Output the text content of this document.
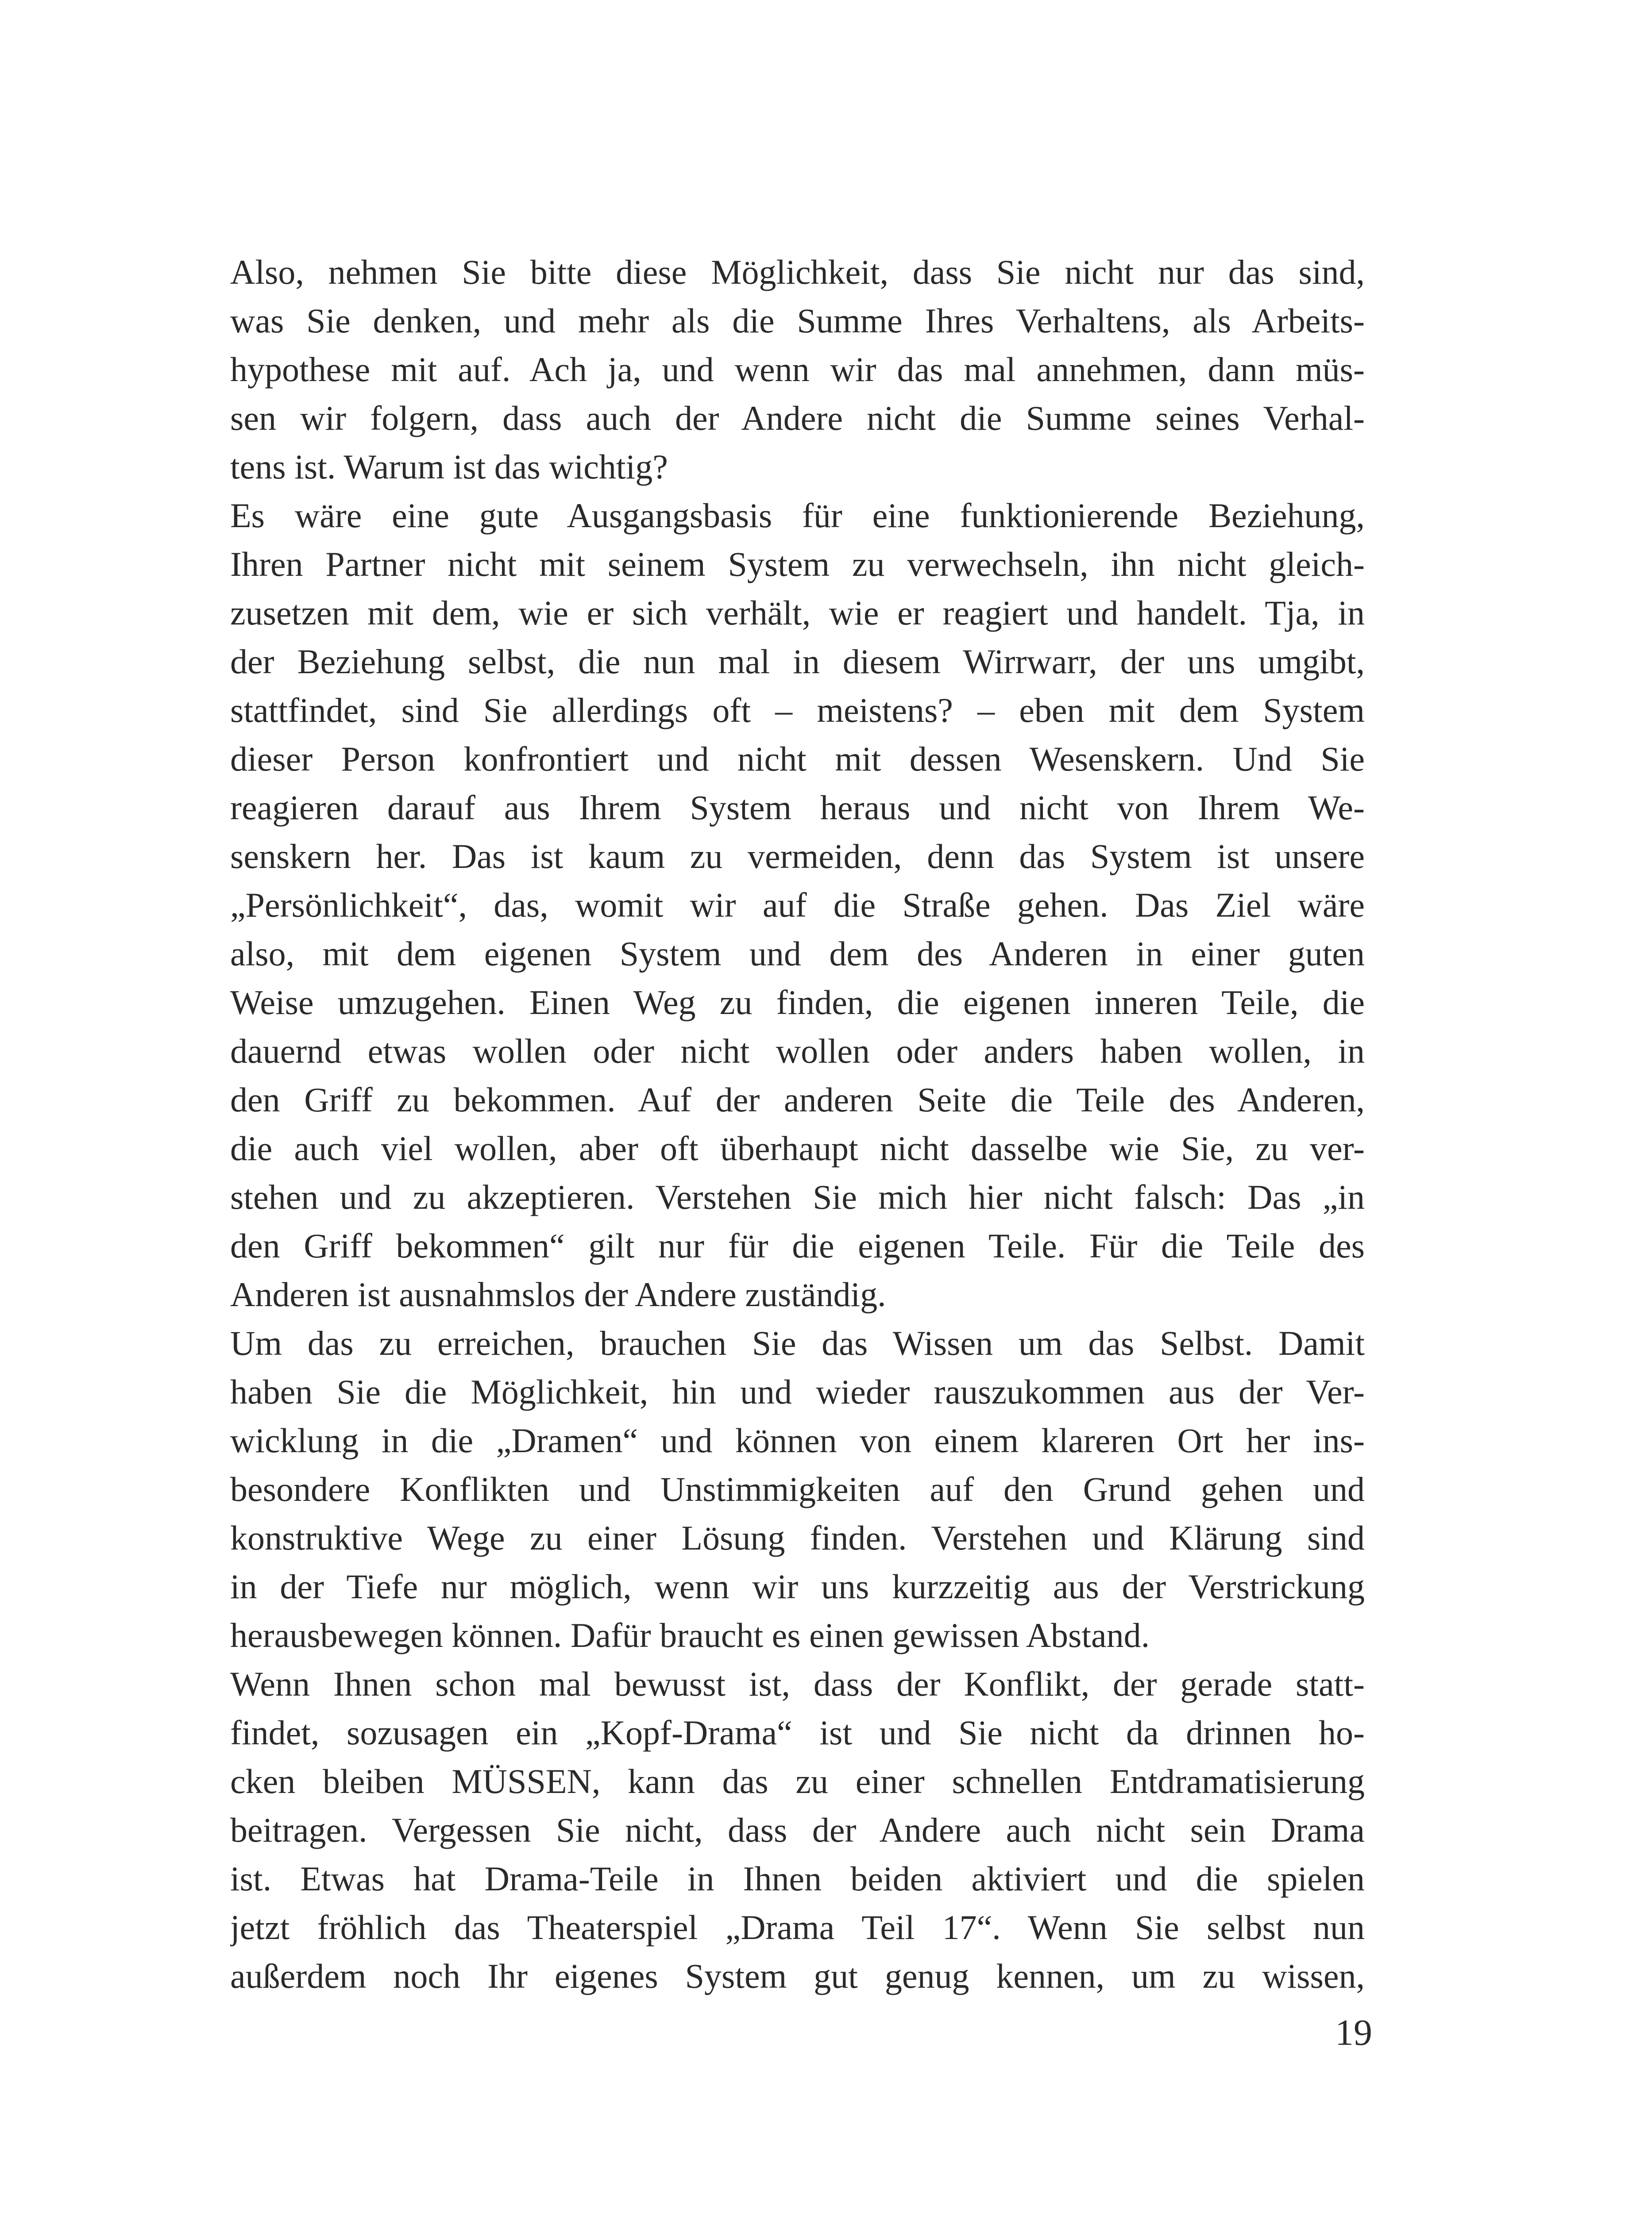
Also, nehmen Sie bitte diese Möglichkeit, dass Sie nicht nur das sind,
was Sie denken, und mehr als die Summe Ihres Verhaltens, als Arbeits-
hypothese mit auf. Ach ja, und wenn wir das mal annehmen, dann müs-
sen wir folgern, dass auch der Andere nicht die Summe seines Verhal-
tens ist. Warum ist das wichtig?
Es wäre eine gute Ausgangsbasis für eine funktionierende Beziehung,
Ihren Partner nicht mit seinem System zu verwechseln, ihn nicht gleich-
zusetzen mit dem, wie er sich verhält, wie er reagiert und handelt. Tja, in
der Beziehung selbst, die nun mal in diesem Wirrwarr, der uns umgibt,
stattfindet, sind Sie allerdings oft – meistens? – eben mit dem System
dieser Person konfrontiert und nicht mit dessen Wesenskern. Und Sie
reagieren darauf aus Ihrem System heraus und nicht von Ihrem We-
senskern her. Das ist kaum zu vermeiden, denn das System ist unsere
„Persönlichkeit“, das, womit wir auf die Straße gehen. Das Ziel wäre
also, mit dem eigenen System und dem des Anderen in einer guten
Weise umzugehen. Einen Weg zu finden, die eigenen inneren Teile, die
dauernd etwas wollen oder nicht wollen oder anders haben wollen, in
den Griff zu bekommen. Auf der anderen Seite die Teile des Anderen,
die auch viel wollen, aber oft überhaupt nicht dasselbe wie Sie, zu ver-
stehen und zu akzeptieren. Verstehen Sie mich hier nicht falsch: Das „in
den Griff bekommen“ gilt nur für die eigenen Teile. Für die Teile des
Anderen ist ausnahmslos der Andere zuständig.
Um das zu erreichen, brauchen Sie das Wissen um das Selbst. Damit
haben Sie die Möglichkeit, hin und wieder rauszukommen aus der Ver-
wicklung in die „Dramen“ und können von einem klareren Ort her ins-
besondere Konflikten und Unstimmigkeiten auf den Grund gehen und
konstruktive Wege zu einer Lösung finden. Verstehen und Klärung sind
in der Tiefe nur möglich, wenn wir uns kurzzeitig aus der Verstrickung
herausbewegen können. Dafür braucht es einen gewissen Abstand.
Wenn Ihnen schon mal bewusst ist, dass der Konflikt, der gerade statt-
findet, sozusagen ein „Kopf-Drama“ ist und Sie nicht da drinnen ho-
cken bleiben MÜSSEN, kann das zu einer schnellen Entdramatisierung
beitragen. Vergessen Sie nicht, dass der Andere auch nicht sein Drama
ist. Etwas hat Drama-Teile in Ihnen beiden aktiviert und die spielen
jetzt fröhlich das Theaterspiel „Drama Teil 17“. Wenn Sie selbst nun
außerdem noch Ihr eigenes System gut genug kennen, um zu wissen,
19
